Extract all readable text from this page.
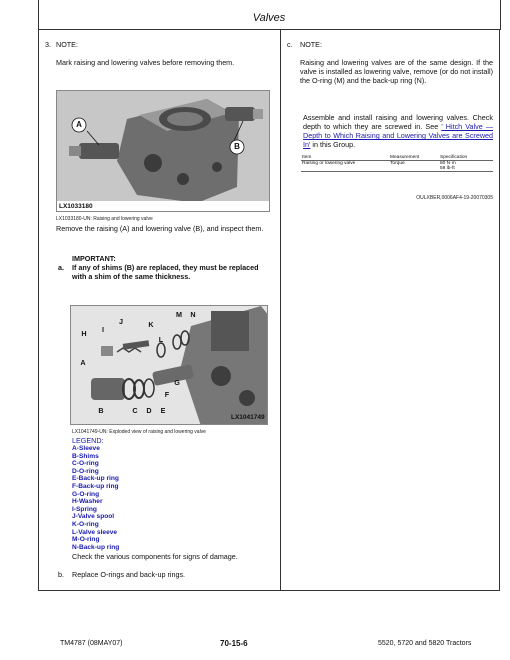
Valves
3. NOTE:
Mark raising and lowering valves before removing them.
A
B
LX1033180
LX1033180-UN: Raising and lowering valve
Remove the raising (A) and lowering valve (B), and inspect them.
IMPORTANT:
a. If any of shims (B) are replaced, they must be replaced with a shim of the same thickness.
H	I
J	K
M	N
L
A
F
G
B	C	D	E
LX1041749
LX1041749-UN: Exploded view of raising and lowering valve
LEGEND:
A-Sleeve
B-Shims
C-O-ring
D-O-ring
E-Back-up ring
F-Back-up ring
G-O-ring
H-Washer
I-Spring
J-Valve spool
K-O-ring
L-Valve sleeve
M-O-ring
N-Back-up ring
Check the various components for signs of damage.
b. Replace O-rings and back-up rings.
c. NOTE:
Raising and lowering valves are of the same design. If the valve is installed as lowering valve, remove (or do not install) the O-ring (M) and the back-up ring (N).
Assemble and install raising and lowering valves. Check depth to which they are screwed in. See ' Hitch Valve — Depth to Which Raising and Lowering Valves are Screwed In' in this Group.
Item	Measurement	Specification
Raising or lowering valve	Torque	80 N·m
59 lb-ft
OULXBER,0006AF4-19-20070305
TM4787 (08MAY07)	70-15-6	5520, 5720 and 5820 Tractors
